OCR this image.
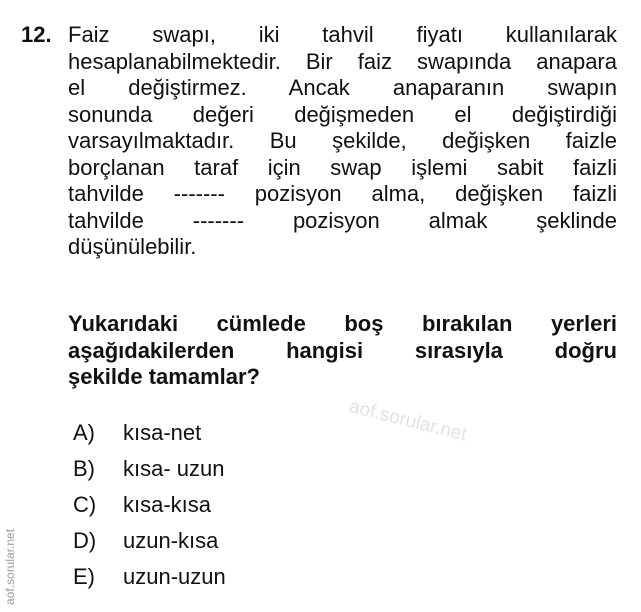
12. Faiz swapı, iki tahvil fiyatı kullanılarak
hesaplanabilmektedir. Bir faiz swapında anapara
el değiştirmez. Ancak anaparanın swapın
sonunda değeri değişmeden el değiştirdiği
varsayılmaktadır. Bu şekilde, değişken faizle
borçlanan taraf için swap işlemi sabit faizli
tahvilde ------- pozisyon alma, değişken faizli
tahvilde ------- pozisyon almak şeklinde
düşünülebilir.
Yukarıdaki cümlede boş bırakılan yerleri
aşağıdakilerden hangisi sırasıyla doğru
şekilde tamamlar?
A)	kısa-net
B)	kısa- uzun
C)	kısa-kısa
D)	uzun-kısa
E)	uzun-uzun
aof.sorular.net
aof.sorular.net
